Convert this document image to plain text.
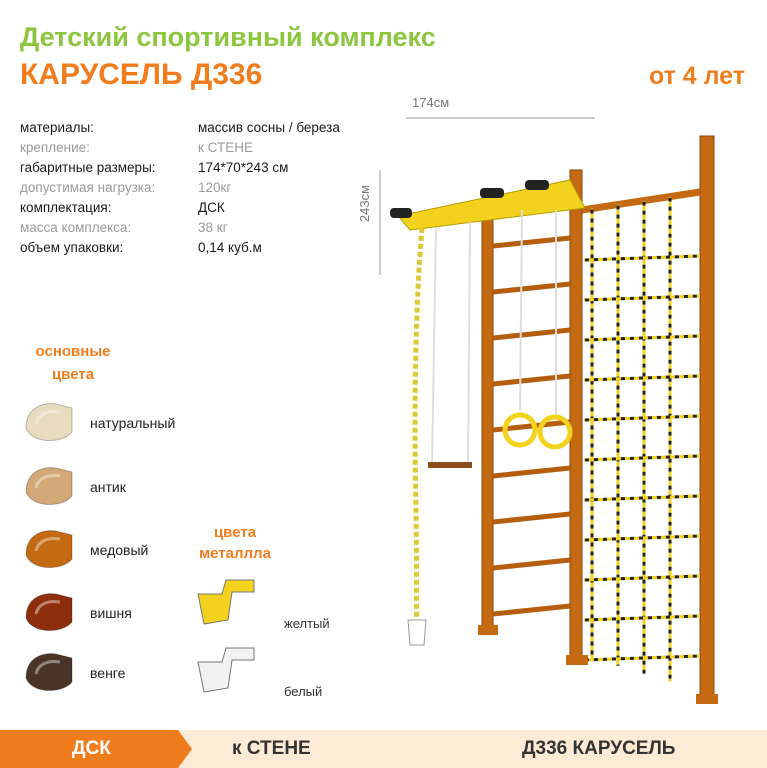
Детский спортивный комплекс
КАРУСЕЛЬ Д336	от 4 лет
материалы:	массив сосны / береза
крепление:	к СТЕНЕ
габаритные размеры:	174*70*243 см
допустимая нагрузка:	120кг
комплектация:	ДСК
масса комплекса:	38 кг
объем упаковки:	0,14 куб.м
основные
цвета
натуральный
антик
медовый
вишня
венге
цвета
металлла
желтый
белый
174см
243см
ДСК	к СТЕНЕ	Д336 КАРУСЕЛЬ
